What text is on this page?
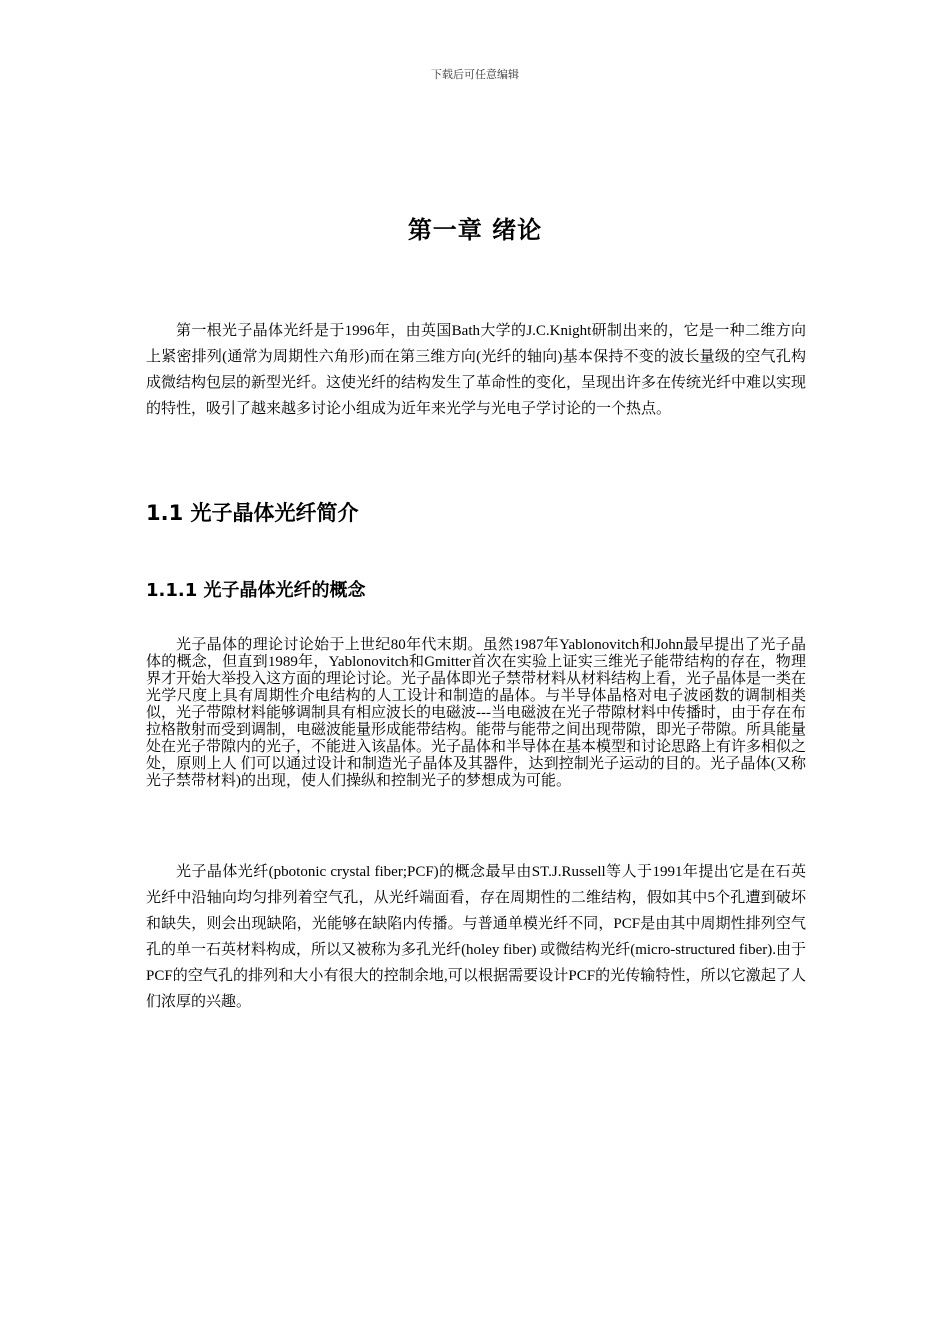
下载后可任意编辑
第一章 绪论

第一根光子晶体光纤是于1996年，由英国Bath大学的J.C.Knight研制出来的，它是一种二维方向上紧密排列(通常为周期性六角形)而在第三维方向(光纤的轴向)基本保持不变的波长量级的空气孔构成微结构包层的新型光纤。这使光纤的结构发生了革命性的变化，呈现出许多在传统光纤中难以实现的特性，吸引了越来越多讨论小组成为近年来光学与光电子学讨论的一个热点。

1.1 光子晶体光纤简介
1.1.1 光子晶体光纤的概念

光子晶体的理论讨论始于上世纪80年代末期。虽然1987年Yablonovitch和John最早提出了光子晶体的概念，但直到1989年，Yablonovitch和Gmitter首次在实验上证实三维光子能带结构的存在，物理界才开始大举投入这方面的理论讨论。光子晶体即光子禁带材料从材料结构上看，光子晶体是一类在光学尺度上具有周期性介电结构的人工设计和制造的晶体。与半导体晶格对电子波函数的调制相类似，光子带隙材料能够调制具有相应波长的电磁波---当电磁波在光子带隙材料中传播时，由于存在布拉格散射而受到调制，电磁波能量形成能带结构。能带与能带之间出现带隙，即光子带隙。所具能量处在光子带隙内的光子，不能进入该晶体。光子晶体和半导体在基本模型和讨论思路上有许多相似之处，原则上人 们可以通过设计和制造光子晶体及其器件，达到控制光子运动的目的。光子晶体(又称光子禁带材料)的出现，使人们操纵和控制光子的梦想成为可能。

光子晶体光纤(pbotonic crystal fiber;PCF)的概念最早由ST.J.Russell等人于1991年提出它是在石英光纤中沿轴向均匀排列着空气孔，从光纤端面看，存在周期性的二维结构，假如其中5个孔遭到破坏和缺失，则会出现缺陷，光能够在缺陷内传播。与普通单模光纤不同，PCF是由其中周期性排列空气孔的单一石英材料构成，所以又被称为多孔光纤(holey fiber) 或微结构光纤(micro-structured fiber).由于PCF的空气孔的排列和大小有很大的控制余地,可以根据需要设计PCF的光传输特性，所以它激起了人们浓厚的兴趣。
